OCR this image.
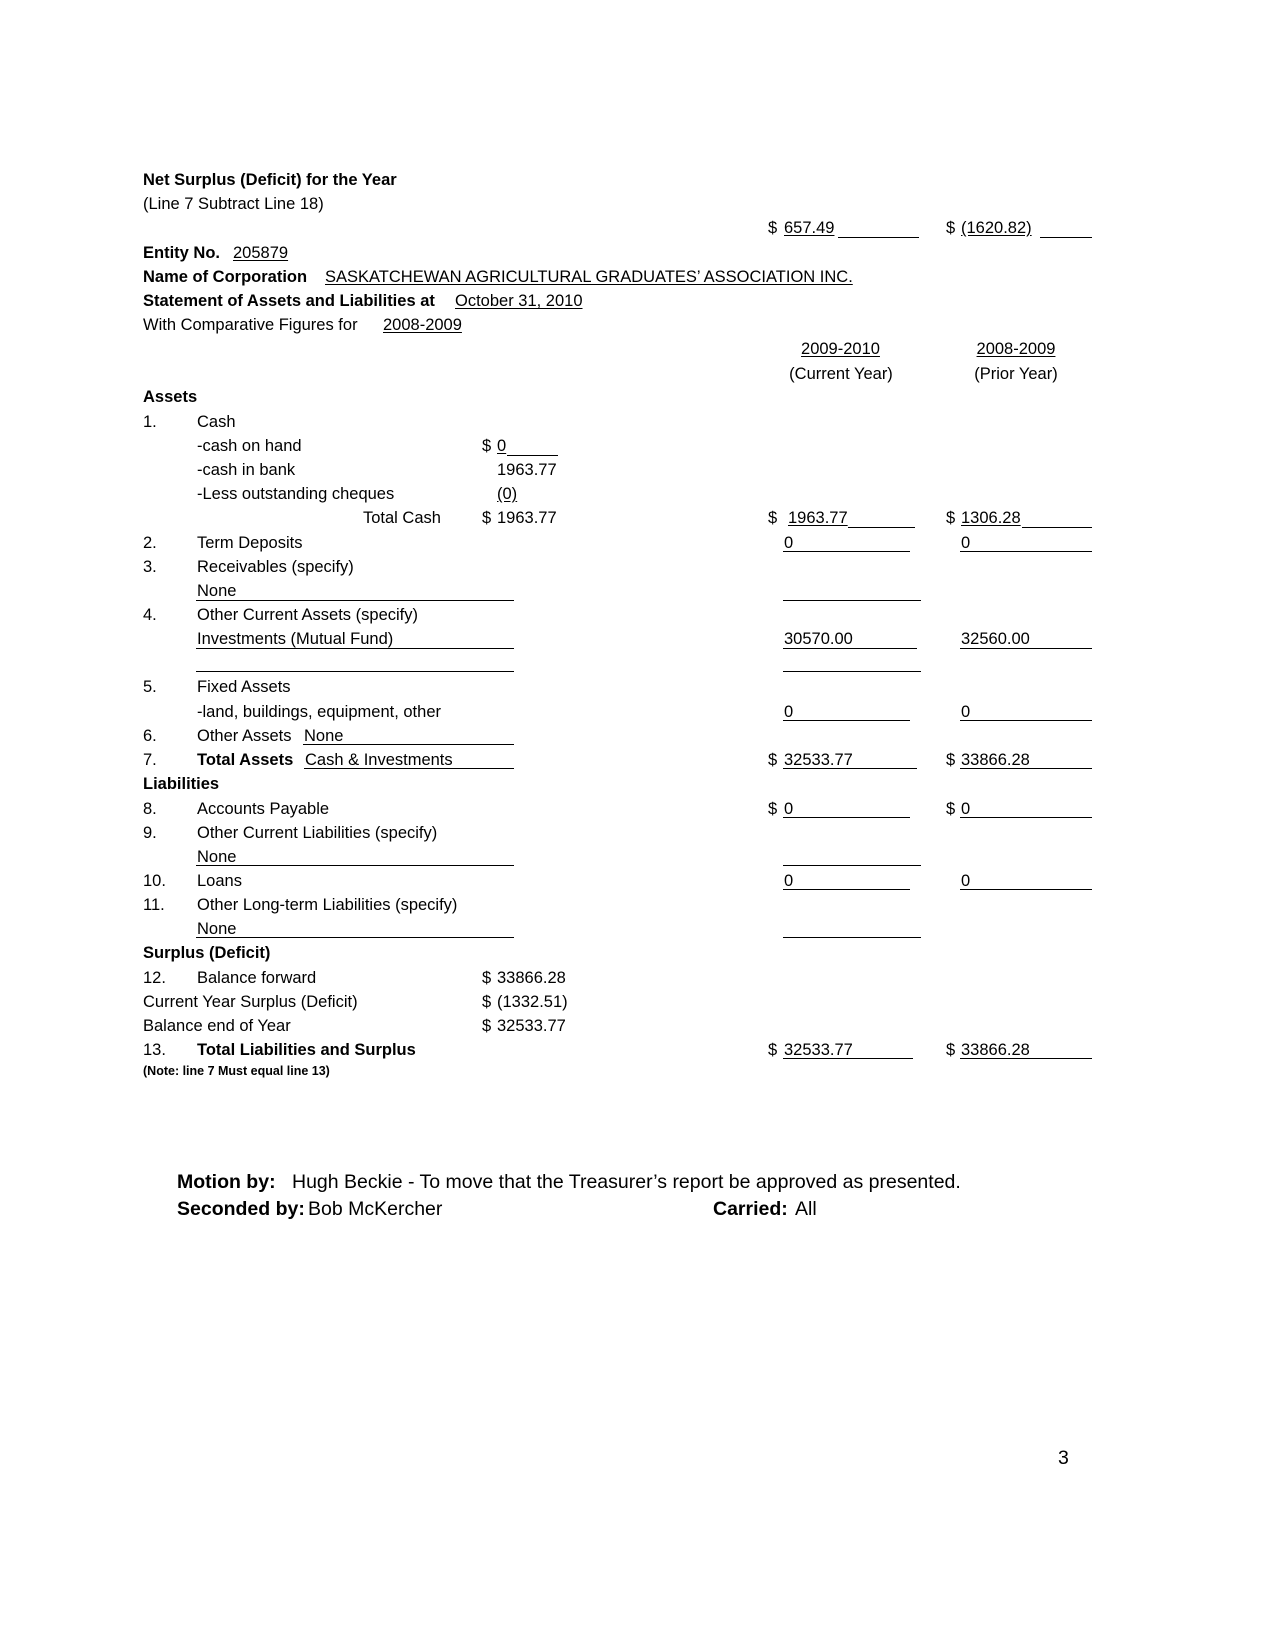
Net Surplus (Deficit) for the Year
(Line 7 Subtract Line 18)
$ 657.49	$ (1620.82)
Entity No. 205879
Name of Corporation SASKATCHEWAN AGRICULTURAL GRADUATES’ ASSOCIATION INC.
Statement of Assets and Liabilities at October 31, 2010
With Comparative Figures for 2008-2009
2009-2010
(Current Year)
2008-2009
(Prior Year)
Assets
1. Cash
-cash on hand	$ 0
-cash in bank	1963.77
-Less outstanding cheques	(0)
Total Cash $ 1963.77	$ 1963.77	$ 1306.28
2. Term Deposits	0	0
3. Receivables (specify)
None
4. Other Current Assets (specify)
Investments (Mutual Fund)	30570.00	32560.00
5. Fixed Assets
-land, buildings, equipment, other	0	0
6. Other Assets None
7. Total Assets Cash & Investments	$ 32533.77	$ 33866.28
Liabilities
8. Accounts Payable	$ 0	$ 0
9. Other Current Liabilities (specify)
None
10. Loans	0	0
11. Other Long-term Liabilities (specify)
None
Surplus (Deficit)
12. Balance forward	$ 33866.28
Current Year Surplus (Deficit)	$ (1332.51)
Balance end of Year	$ 32533.77
13. Total Liabilities and Surplus	$ 32533.77	$ 33866.28
(Note: line 7 Must equal line 13)
Motion by: Hugh Beckie - To move that the Treasurer’s report be approved as presented.
Seconded by: Bob McKercher	Carried: All
3
